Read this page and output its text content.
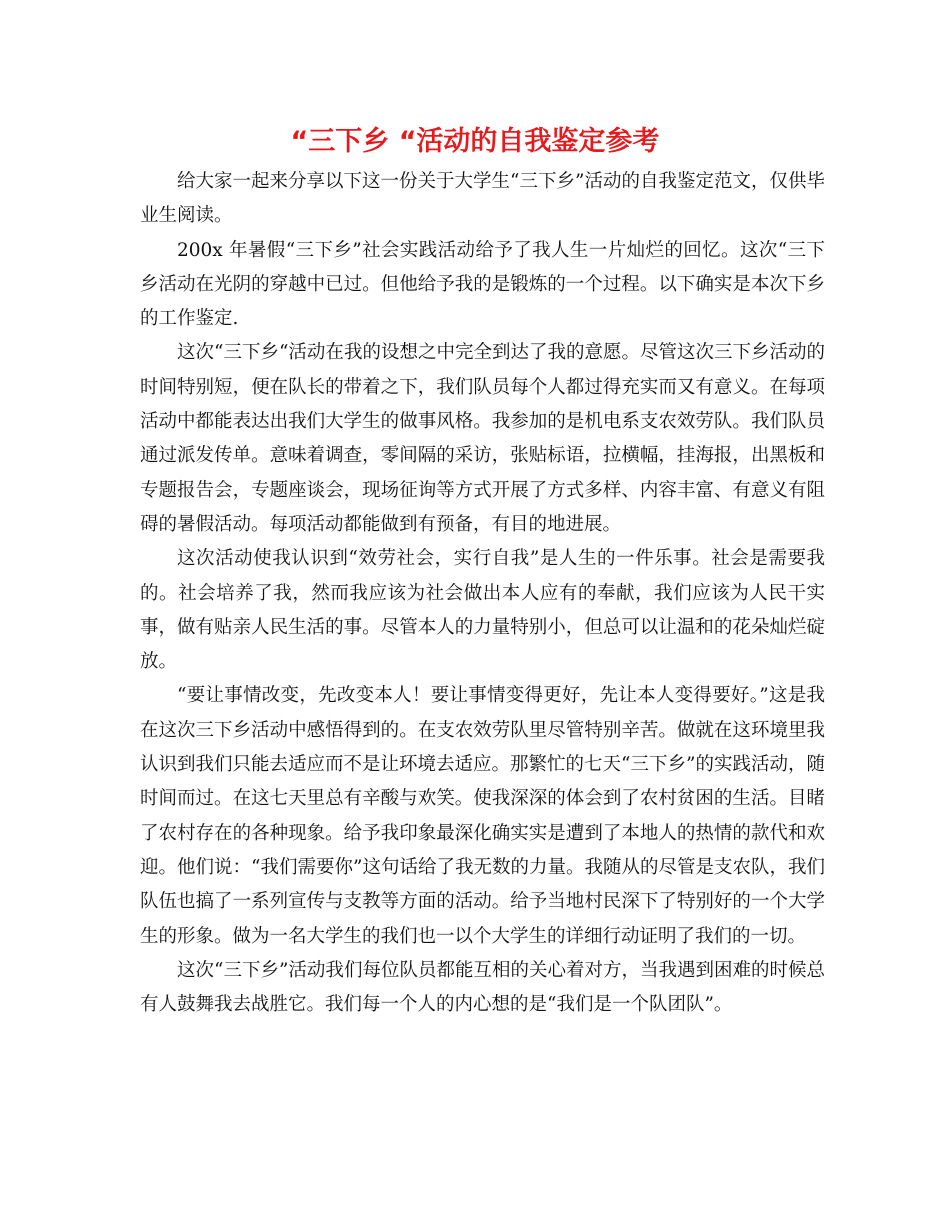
“三下乡 “活动的自我鉴定参考

给大家一起来分享以下这一份关于大学生“三下乡”活动的自我鉴定范文，仅供毕业生阅读。

200x 年暑假“三下乡”社会实践活动给予了我人生一片灿烂的回忆。这次“三下乡活动在光阴的穿越中已过。但他给予我的是锻炼的一个过程。以下确实是本次下乡的工作鉴定.

这次“三下乡“活动在我的设想之中完全到达了我的意愿。尽管这次三下乡活动的时间特别短，便在队长的带着之下，我们队员每个人都过得充实而又有意义。在每项活动中都能表达出我们大学生的做事风格。我参加的是机电系支农效劳队。我们队员通过派发传单。意味着调查，零间隔的采访，张贴标语，拉横幅，挂海报，出黑板和专题报告会，专题座谈会，现场征询等方式开展了方式多样、内容丰富、有意义有阻碍的暑假活动。每项活动都能做到有预备，有目的地进展。

这次活动使我认识到“效劳社会，实行自我”是人生的一件乐事。社会是需要我的。社会培养了我，然而我应该为社会做出本人应有的奉献，我们应该为人民干实事，做有贴亲人民生活的事。尽管本人的力量特别小，但总可以让温和的花朵灿烂碇放。

“要让事情改变，先改变本人！要让事情变得更好，先让本人变得要好。”这是我在这次三下乡活动中感悟得到的。在支农效劳队里尽管特别辛苦。做就在这环境里我认识到我们只能去适应而不是让环境去适应。那繁忙的七天“三下乡”的实践活动，随时间而过。在这七天里总有辛酸与欢笑。使我深深的体会到了农村贫困的生活。目睹了农村存在的各种现象。给予我印象最深化确实实是遭到了本地人的热情的款代和欢迎。他们说：“我们需要你”这句话给了我无数的力量。我随从的尽管是支农队，我们队伍也搞了一系列宣传与支教等方面的活动。给予当地村民深下了特别好的一个大学生的形象。做为一名大学生的我们也一以个大学生的详细行动证明了我们的一切。

这次“三下乡”活动我们每位队员都能互相的关心着对方，当我遇到困难的时候总有人鼓舞我去战胜它。我们每一个人的内心想的是“我们是一个队团队”。
